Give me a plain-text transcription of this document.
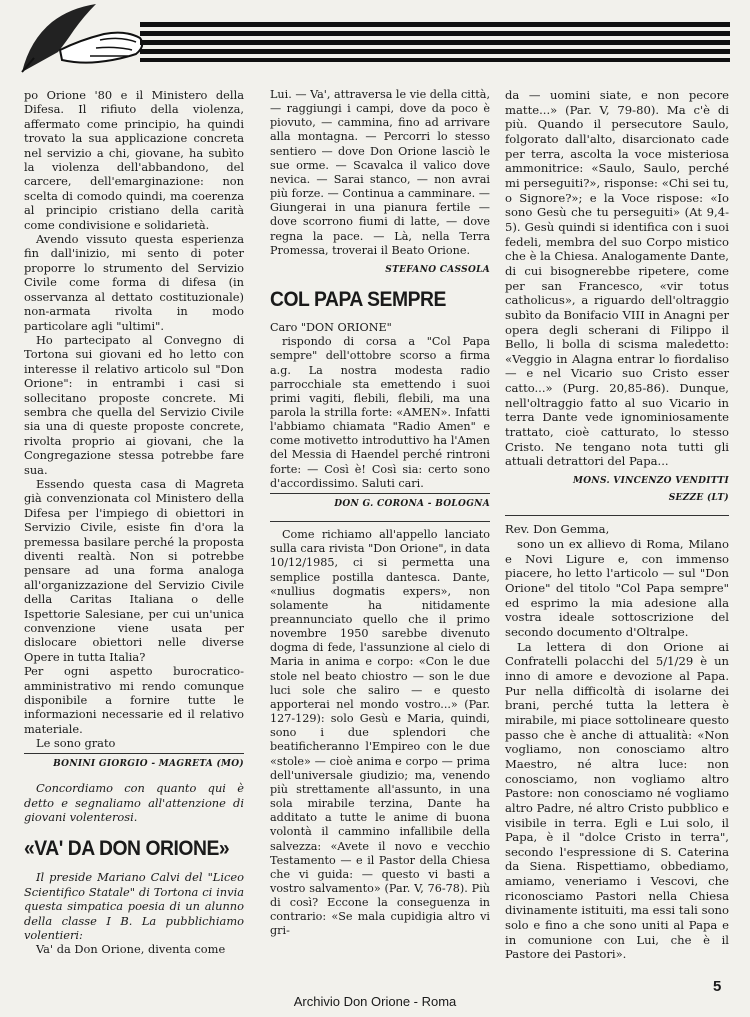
po Orione '80 e il Ministero della Difesa. Il rifiuto della violenza, affermato come principio, ha quindi trovato la sua applicazione concreta nel servizio a chi, giovane, ha subìto la violenza dell'abbandono, del carcere, dell'emarginazione: non scelta di comodo quindi, ma coerenza al principio cristiano della carità come condivisione e solidarietà.

Avendo vissuto questa esperienza fin dall'inizio, mi sento di poter proporre lo strumento del Servizio Civile come forma di difesa (in osservanza al dettato costituzionale) non-armata rivolta in modo particolare agli "ultimi".

Ho partecipato al Convegno di Tortona sui giovani ed ho letto con interesse il relativo articolo sul "Don Orione": in entrambi i casi si sollecitano proposte concrete. Mi sembra che quella del Servizio Civile sia una di queste proposte concrete, rivolta proprio ai giovani, che la Congregazione stessa potrebbe fare sua.

Essendo questa casa di Magreta già convenzionata col Ministero della Difesa per l'impiego di obiettori in Servizio Civile, esiste fin d'ora la premessa basilare perché la proposta diventi realtà. Non si potrebbe pensare ad una forma analoga all'organizzazione del Servizio Civile della Caritas Italiana o delle Ispettorie Salesiane, per cui un'unica convenzione viene usata per dislocare obiettori nelle diverse Opere in tutta Italia?

Per ogni aspetto burocratico-amministrativo mi rendo comunque disponibile a fornire tutte le informazioni necessarie ed il relativo materiale.

Le sono grato

BONINI GIORGIO - MAGRETA (MO)

Concordiamo con quanto qui è detto e segnaliamo all'attenzione di giovani volenterosi.

«VA' DA DON ORIONE»

Il preside Mariano Calvi del "Liceo Scientifico Statale" di Tortona ci invia questa simpatica poesia di un alunno della classe I B. La pubblichiamo volentieri:

Va' da Don Orione, diventa come

Lui. — Va', attraversa le vie della città, — raggiungi i campi, dove da poco è piovuto, — cammina, fino ad arrivare alla montagna. — Percorri lo stesso sentiero — dove Don Orione lasciò le sue orme. — Scavalca il valico dove nevica. — Sarai stanco, — non avrai più forze. — Continua a camminare. — Giungerai in una pianura fertile — dove scorrono fiumi di latte, — dove regna la pace. — Là, nella Terra Promessa, troverai il Beato Orione.

STEFANO CASSOLA
COL PAPA SEMPRE

Caro "DON ORIONE"

rispondo di corsa a "Col Papa sempre" dell'ottobre scorso a firma a.g. La nostra modesta radio parrocchiale sta emettendo i suoi primi vagiti, flebili, flebili, ma una parola la strilla forte: «AMEN». Infatti l'abbiamo chiamata "Radio Amen" e come motivetto introduttivo ha l'Amen del Messia di Haendel perché rintroni forte: — Così è! Così sia: certo sono d'accordissimo. Saluti cari.

DON G. CORONA - BOLOGNA

Come richiamo all'appello lanciato sulla cara rivista "Don Orione", in data 10/12/1985, ci si permetta una semplice postilla dantesca. Dante, «nullius dogmatis expers», non solamente ha nitidamente preannunciato quello che il primo novembre 1950 sarebbe divenuto dogma di fede, l'assunzione al cielo di Maria in anima e corpo: «Con le due stole nel beato chiostro — son le due luci sole che saliro — e questo apporterai nel mondo vostro...» (Par. 127-129): solo Gesù e Maria, quindi, sono i due splendori che beatificheranno l'Empireo con le due «stole» — cioè anima e corpo — prima dell'universale giudizio; ma, venendo più strettamente all'assunto, in una sola mirabile terzina, Dante ha additato a tutte le anime di buona volontà il cammino infallibile della salvezza: «Avete il novo e vecchio Testamento — e il Pastor della Chiesa che vi guida: — questo vi basti a vostro salvamento» (Par. V, 76-78). Più di così? Eccone la conseguenza in contrario: «Se mala cupidigia altro vi gri-

da — uomini siate, e non pecore matte...» (Par. V, 79-80). Ma c'è di più. Quando il persecutore Saulo, folgorato dall'alto, disarcionato cade per terra, ascolta la voce misteriosa ammonitrice: «Saulo, Saulo, perché mi perseguiti?», risponse: «Chi sei tu, o Signore?»; e la Voce rispose: «Io sono Gesù che tu perseguiti» (At 9,4-5). Gesù quindi si identifica con i suoi fedeli, membra del suo Corpo mistico che è la Chiesa. Analogamente Dante, di cui bisognerebbe ripetere, come per san Francesco, «vir totus catholicus», a riguardo dell'oltraggio subìto da Bonifacio VIII in Anagni per opera degli scherani di Filippo il Bello, li bolla di scisma maledetto: «Veggio in Alagna entrar lo fiordaliso — e nel Vicario suo Cristo esser catto...» (Purg. 20,85-86). Dunque, nell'oltraggio fatto al suo Vicario in terra Dante vede ignominiosamente trattato, cioè catturato, lo stesso Cristo. Ne tengano nota tutti gli attuali detrattori del Papa...

MONS. VINCENZO VENDITTI
SEZZE (LT)

Rev. Don Gemma,

sono un ex allievo di Roma, Milano e Novi Ligure e, con immenso piacere, ho letto l'articolo — sul "Don Orione" del titolo "Col Papa sempre" ed esprimo la mia adesione alla vostra ideale sottoscrizione del secondo documento d'Oltralpe.

La lettera di don Orione ai Confratelli polacchi del 5/1/29 è un inno di amore e devozione al Papa. Pur nella difficoltà di isolarne dei brani, perché tutta la lettera è mirabile, mi piace sottolineare questo passo che è anche di attualità: «Non vogliamo, non conosciamo altro Maestro, né altra luce: non conosciamo, non vogliamo altro Pastore: non conosciamo né vogliamo altro Padre, né altro Cristo pubblico e visibile in terra. Egli e Lui solo, il Papa, è il "dolce Cristo in terra", secondo l'espressione di S. Caterina da Siena. Rispettiamo, obbediamo, amiamo, veneriamo i Vescovi, che riconosciamo Pastori nella Chiesa divinamente istituiti, ma essi tali sono solo e fino a che sono uniti al Papa e in comunione con Lui, che è il Pastore dei Pastori».

5
Archivio Don Orione - Roma
